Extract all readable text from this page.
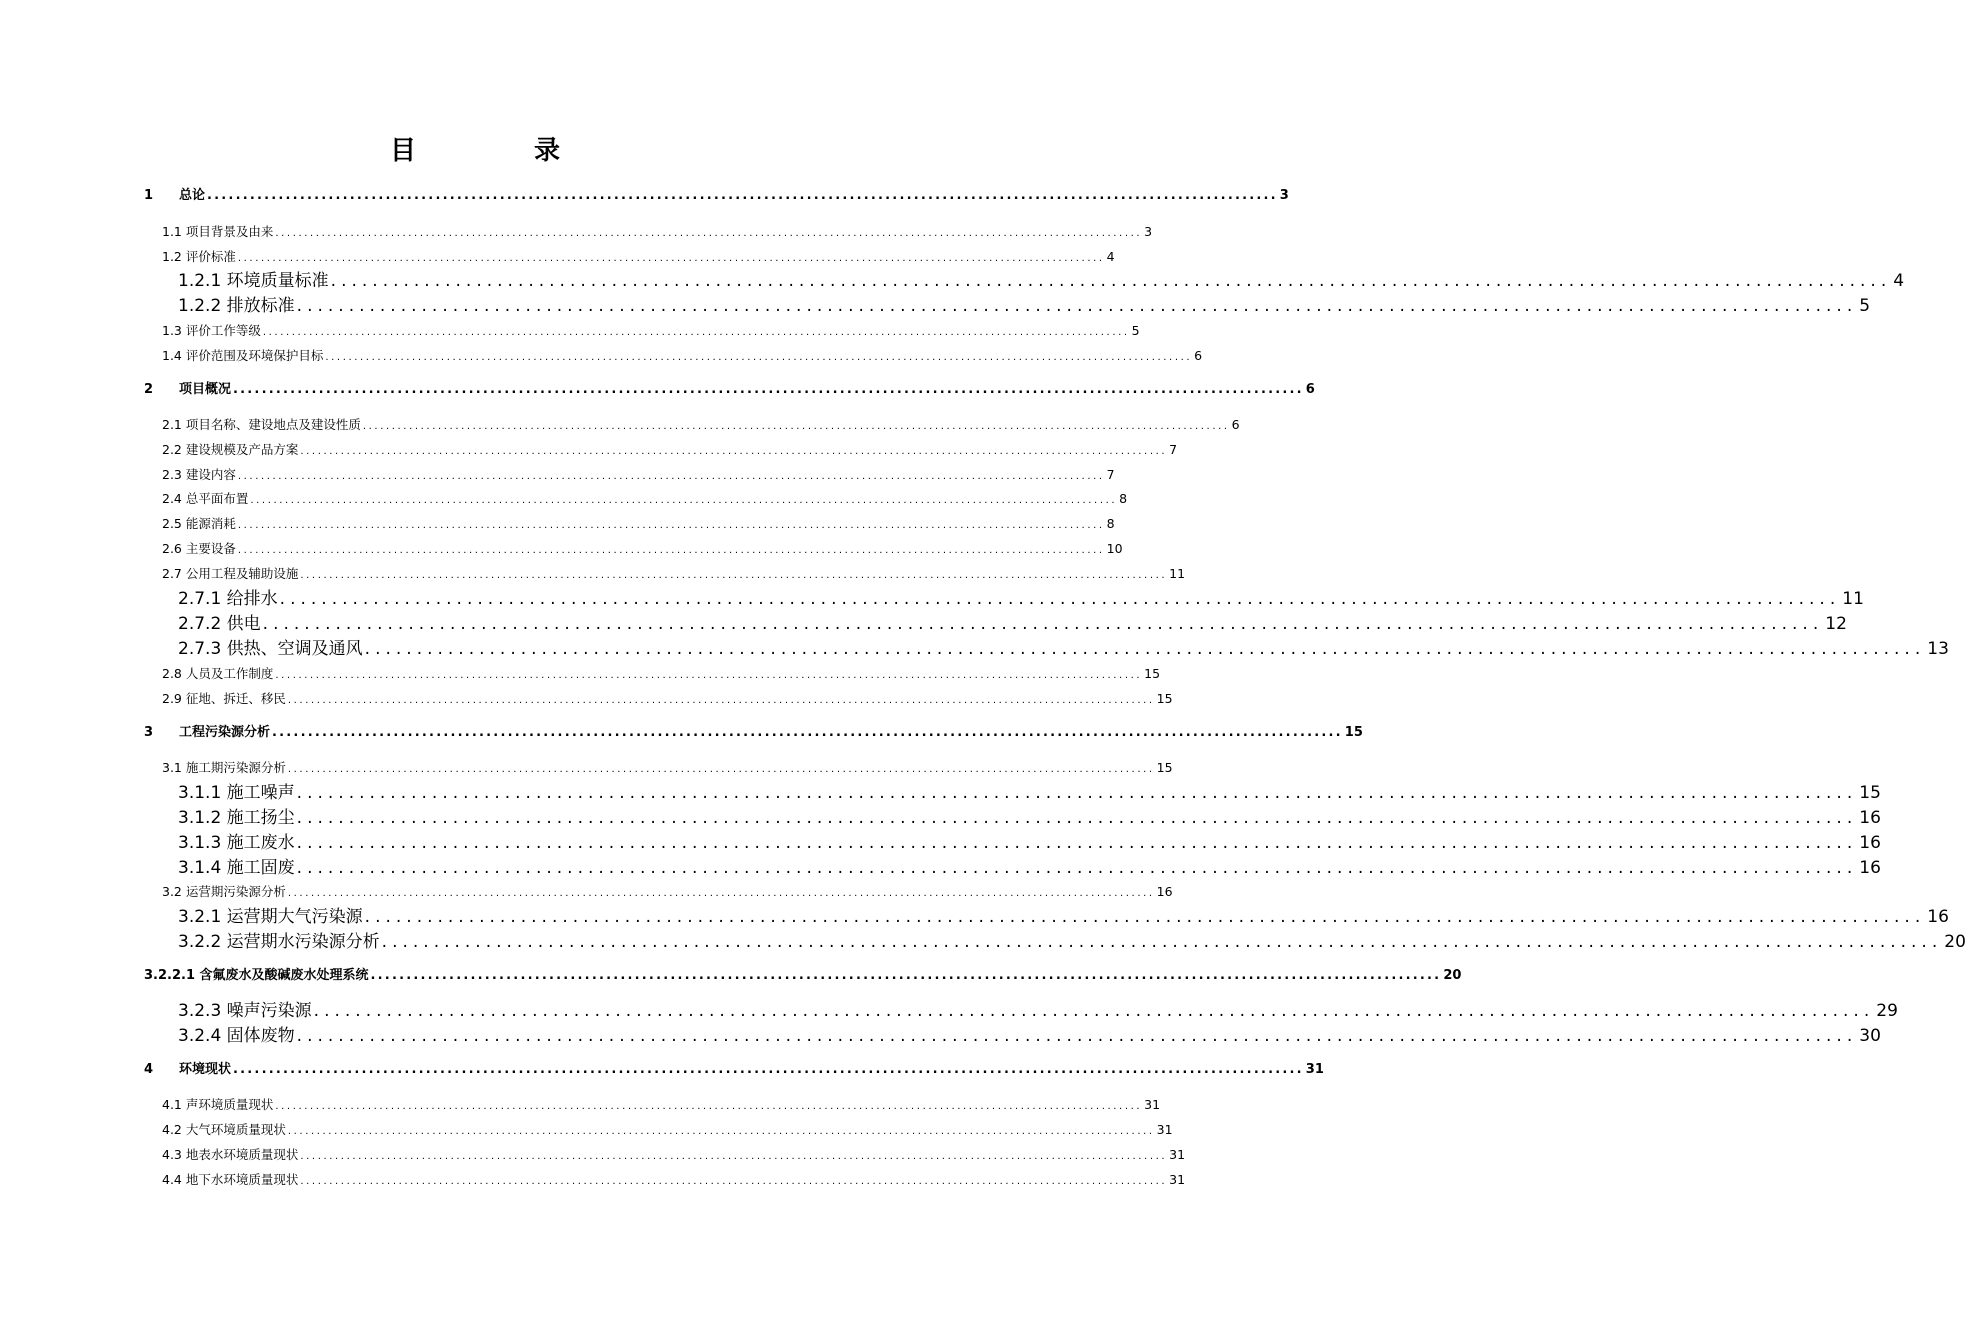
目　录
1	总论 ...................................................................................................................................................... 3
1.1 项目背景及由来 ...................................................................................................................................................... 3
1.2 评价标准 ...................................................................................................................................................... 4
1.2.1 环境质量标准 ...................................................................................................................................................... 4
1.2.2 排放标准 ...................................................................................................................................................... 5
1.3 评价工作等级 ...................................................................................................................................................... 5
1.4 评价范围及环境保护目标 ...................................................................................................................................................... 6
2	项目概况 ...................................................................................................................................................... 6
2.1 项目名称、建设地点及建设性质 ...................................................................................................................................................... 6
2.2 建设规模及产品方案 ...................................................................................................................................................... 7
2.3 建设内容 ...................................................................................................................................................... 7
2.4 总平面布置 ...................................................................................................................................................... 8
2.5 能源消耗 ...................................................................................................................................................... 8
2.6 主要设备 ...................................................................................................................................................... 10
2.7 公用工程及辅助设施 ...................................................................................................................................................... 11
2.7.1 给排水 ...................................................................................................................................................... 11
2.7.2 供电 ...................................................................................................................................................... 12
2.7.3 供热、空调及通风 ...................................................................................................................................................... 13
2.8 人员及工作制度 ...................................................................................................................................................... 15
2.9 征地、拆迁、移民 ...................................................................................................................................................... 15
3	工程污染源分析 ...................................................................................................................................................... 15
3.1 施工期污染源分析 ...................................................................................................................................................... 15
3.1.1 施工噪声 ...................................................................................................................................................... 15
3.1.2 施工扬尘 ...................................................................................................................................................... 16
3.1.3 施工废水 ...................................................................................................................................................... 16
3.1.4 施工固废 ...................................................................................................................................................... 16
3.2 运营期污染源分析 ...................................................................................................................................................... 16
3.2.1 运营期大气污染源 ...................................................................................................................................................... 16
3.2.2 运营期水污染源分析 ...................................................................................................................................................... 20
3.2.2.1 含氟废水及酸碱废水处理系统 ...................................................................................................................................................... 20
3.2.3 噪声污染源 ...................................................................................................................................................... 29
3.2.4 固体废物 ...................................................................................................................................................... 30
4	环境现状 ...................................................................................................................................................... 31
4.1 声环境质量现状 ...................................................................................................................................................... 31
4.2 大气环境质量现状 ...................................................................................................................................................... 31
4.3 地表水环境质量现状 ...................................................................................................................................................... 31
4.4 地下水环境质量现状 ...................................................................................................................................................... 31
